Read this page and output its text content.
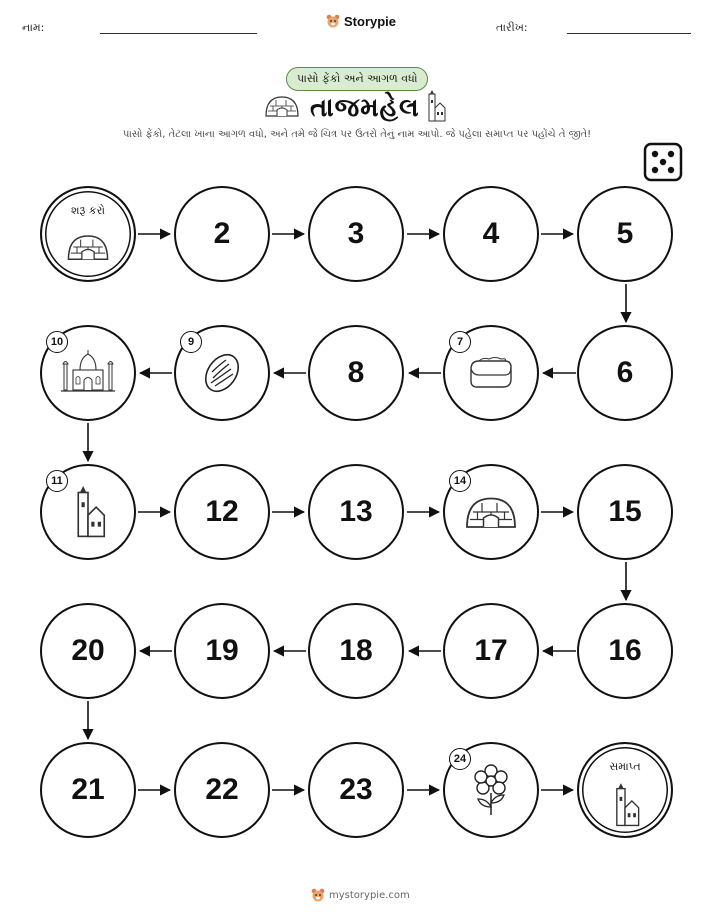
નામ:	Storypie	તારીખ:
પાસો ફેંકો અને આગળ વધો
તાજમહેલ
પાસો ફેંકો, તેટલા ખાના આગળ વધો, અને તમે જે ચિત્ર પર ઉતરો તેનું નામ આપો. જે પહેલા સમાપ્ત પર પહોંચે તે જીતે!
શરૂ કરો
2	3	4	5
10	9
8
7
6
11
12	13
14
15
20	19	18	17	16
21	22	23
24
સમાપ્ત
mystorypie.com
